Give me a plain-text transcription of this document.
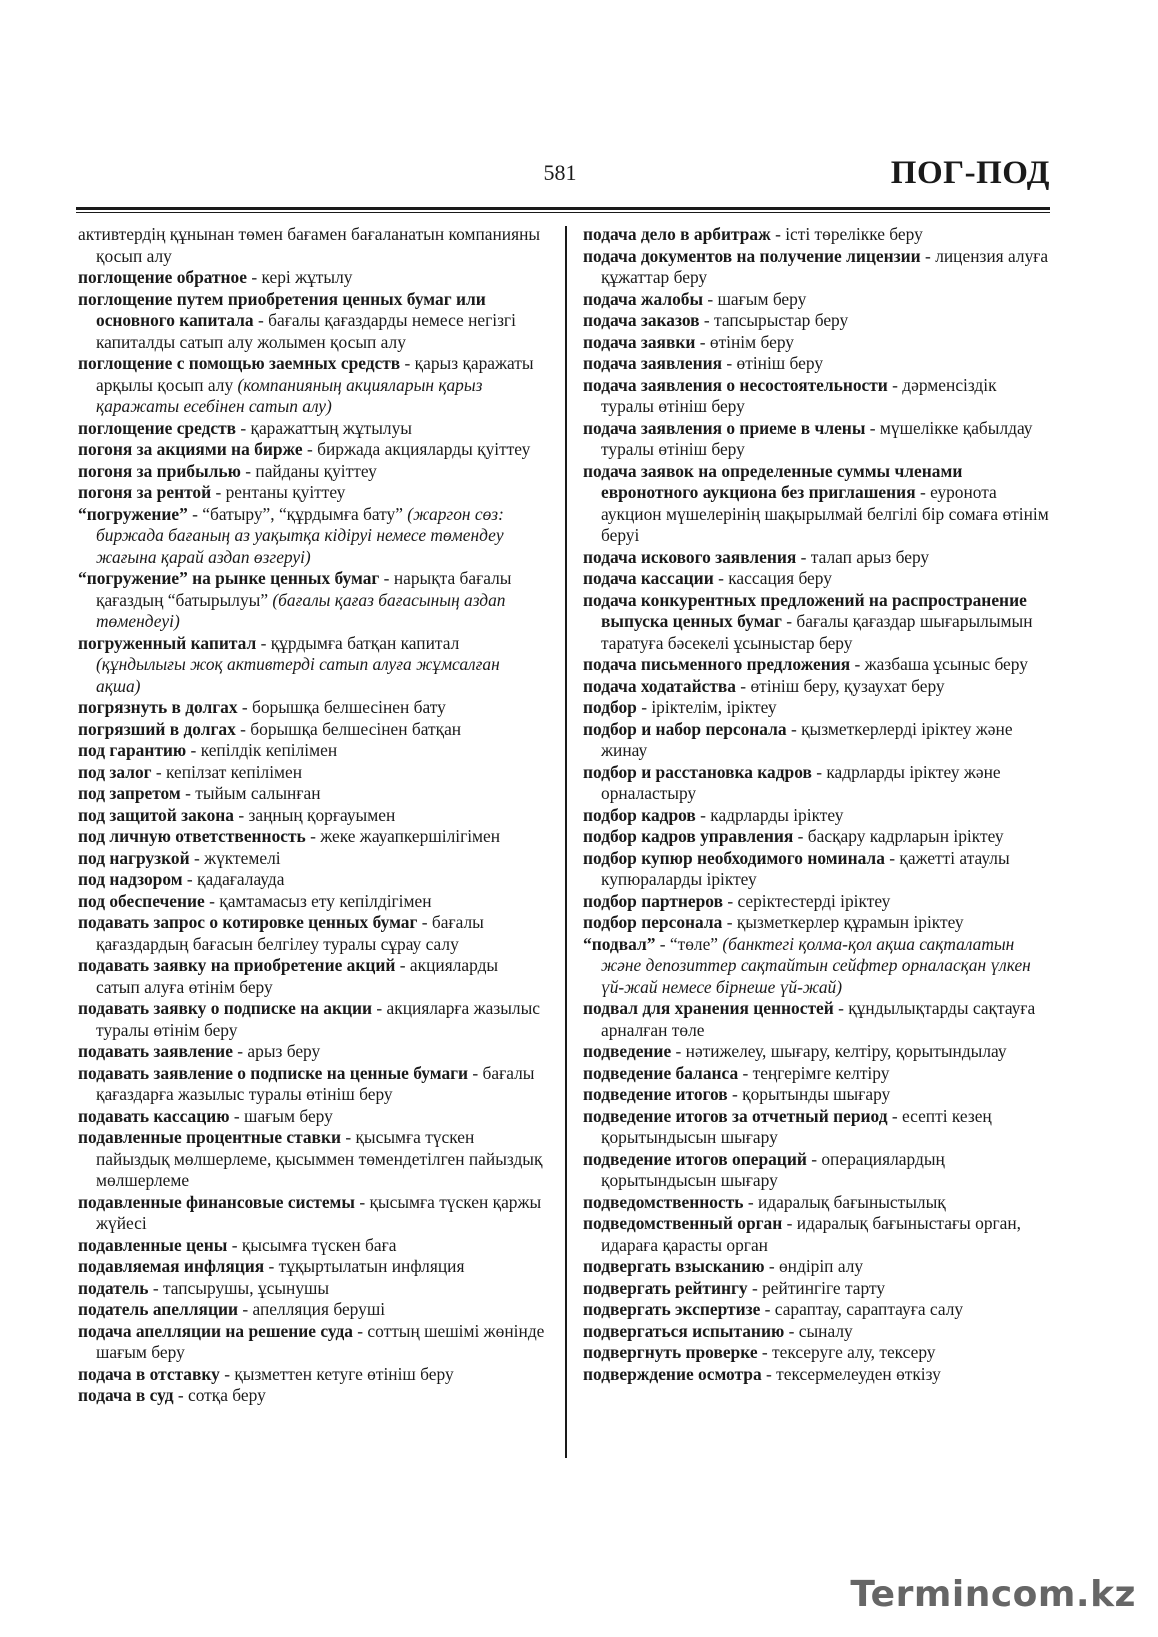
581	ПОГ-ПОД
активтердің құнынан төмен бағамен бағаланатын компанияны қосып алу
поглощение обратное - кері жұтылу
поглощение путем приобретения ценных бумаг или основного капитала - бағалы қағаздарды немесе негізгі капиталды сатып алу жолымен қосып алу
поглощение с помощью заемных средств - қарыз қаражаты арқылы қосып алу (компанияның акцияларын қарыз қаражаты есебінен сатып алу)
поглощение средств - қаражаттың жұтылуы
погоня за акциями на бирже - биржада акцияларды қуіттеу
погоня за прибылью - пайданы қуіттеу
погоня за рентой - рентаны қуіттеу
“погружение” - “батыру”, “құрдымға бату” (жаргон сөз: биржада бағаның аз уақытқа кідіруі немесе төмендеу жағына қарай аздап өзгеруі)
“погружение” на рынке ценных бумаг - нарықта бағалы қағаздың “батырылуы” (бағалы қағаз бағасының аздап төмендеуі)
погруженный капитал - құрдымға батқан капитал (құндылығы жоқ активтерді сатып алуға жұмсалған ақша)
погрязнуть в долгах - борышқа белшесінен бату
погрязший в долгах - борышқа белшесінен батқан
под гарантию - кепілдік кепілімен
под залог - кепілзат кепілімен
под запретом - тыйым салынған
под защитой закона - заңның қорғауымен
под личную ответственность - жеке жауапкершілігімен
под нагрузкой - жүктемелі
под надзором - қадағалауда
под обеспечение - қамтамасыз ету кепілдігімен
подавать запрос о котировке ценных бумаг - бағалы қағаздардың бағасын белгілеу туралы сұрау салу
подавать заявку на приобретение акций - акцияларды сатып алуға өтінім беру
подавать заявку о подписке на акции - акцияларға жазылыс туралы өтінім беру
подавать заявление - арыз беру
подавать заявление о подписке на ценные бумаги - бағалы қағаздарға жазылыс туралы өтініш беру
подавать кассацию - шағым беру
подавленные процентные ставки - қысымға түскен пайыздық мөлшерлеме, қысыммен төмендетілген пайыздық мөлшерлеме
подавленные финансовые системы - қысымға түскен қаржы жүйесі
подавленные цены - қысымға түскен баға
подавляемая инфляция - тұқыртылатын инфляция
податель - тапсырушы, ұсынушы
податель апелляции - апелляция беруші
подача апелляции на решение суда - соттың шешімі жөнінде шағым беру
подача в отставку - қызметтен кетуге өтініш беру
подача в суд - сотқа беру
подача дело в арбитраж - істі төрелікке беру
подача документов на получение лицензии - лицензия алуға құжаттар беру
подача жалобы - шағым беру
подача заказов - тапсырыстар беру
подача заявки - өтінім беру
подача заявления - өтініш беру
подача заявления о несостоятельности - дәрменсіздік туралы өтініш беру
подача заявления о приеме в члены - мүшелікке қабылдау туралы өтініш беру
подача заявок на определенные суммы членами евронотного аукциона без приглашения - еуронота аукцион мүшелерінің шақырылмай белгілі бір сомаға өтінім беруі
подача искового заявления - талап арыз беру
подача кассации - кассация беру
подача конкурентных предложений на распространение выпуска ценных бумаг - бағалы қағаздар шығарылымын таратуға бәсекелі ұсыныстар беру
подача письменного предложения - жазбаша ұсыныс беру
подача ходатайства - өтініш беру, қузаухат беру
подбор - іріктелім, іріктеу
подбор и набор персонала - қызметкерлерді іріктеу және жинау
подбор и расстановка кадров - кадрларды іріктеу және орналастыру
подбор кадров - кадрларды іріктеу
подбор кадров управления - басқару кадрларын іріктеу
подбор купюр необходимого номинала - қажетті атаулы купюраларды іріктеу
подбор партнеров - серіктестерді іріктеу
подбор персонала - қызметкерлер құрамын іріктеу
“подвал” - “төле” (банктегі қолма-қол ақша сақталатын және депозиттер сақтайтын сейфтер орналасқан үлкен үй-жай немесе бірнеше үй-жай)
подвал для хранения ценностей - құндылықтарды сақтауға арналған төле
подведение - нәтижелеу, шығару, келтіру, қорытындылау
подведение баланса - теңгерімге келтіру
подведение итогов - қорытынды шығару
подведение итогов за отчетный период - есепті кезең қорытындысын шығару
подведение итогов операций - операциялардың қорытындысын шығару
подведомственность - идаралық бағыныстылық
подведомственный орган - идаралық бағыныстағы орган, идараға қарасты орган
подвергать взысканию - өндіріп алу
подвергать рейтингу - рейтингіге тарту
подвергать экспертизе - сараптау, сараптауға салу
подвергаться испытанию - сыналу
подвергнуть проверке - тексеруге алу, тексеру
подверждение осмотра - тексермелеуден өткізу
Termincom.kz
